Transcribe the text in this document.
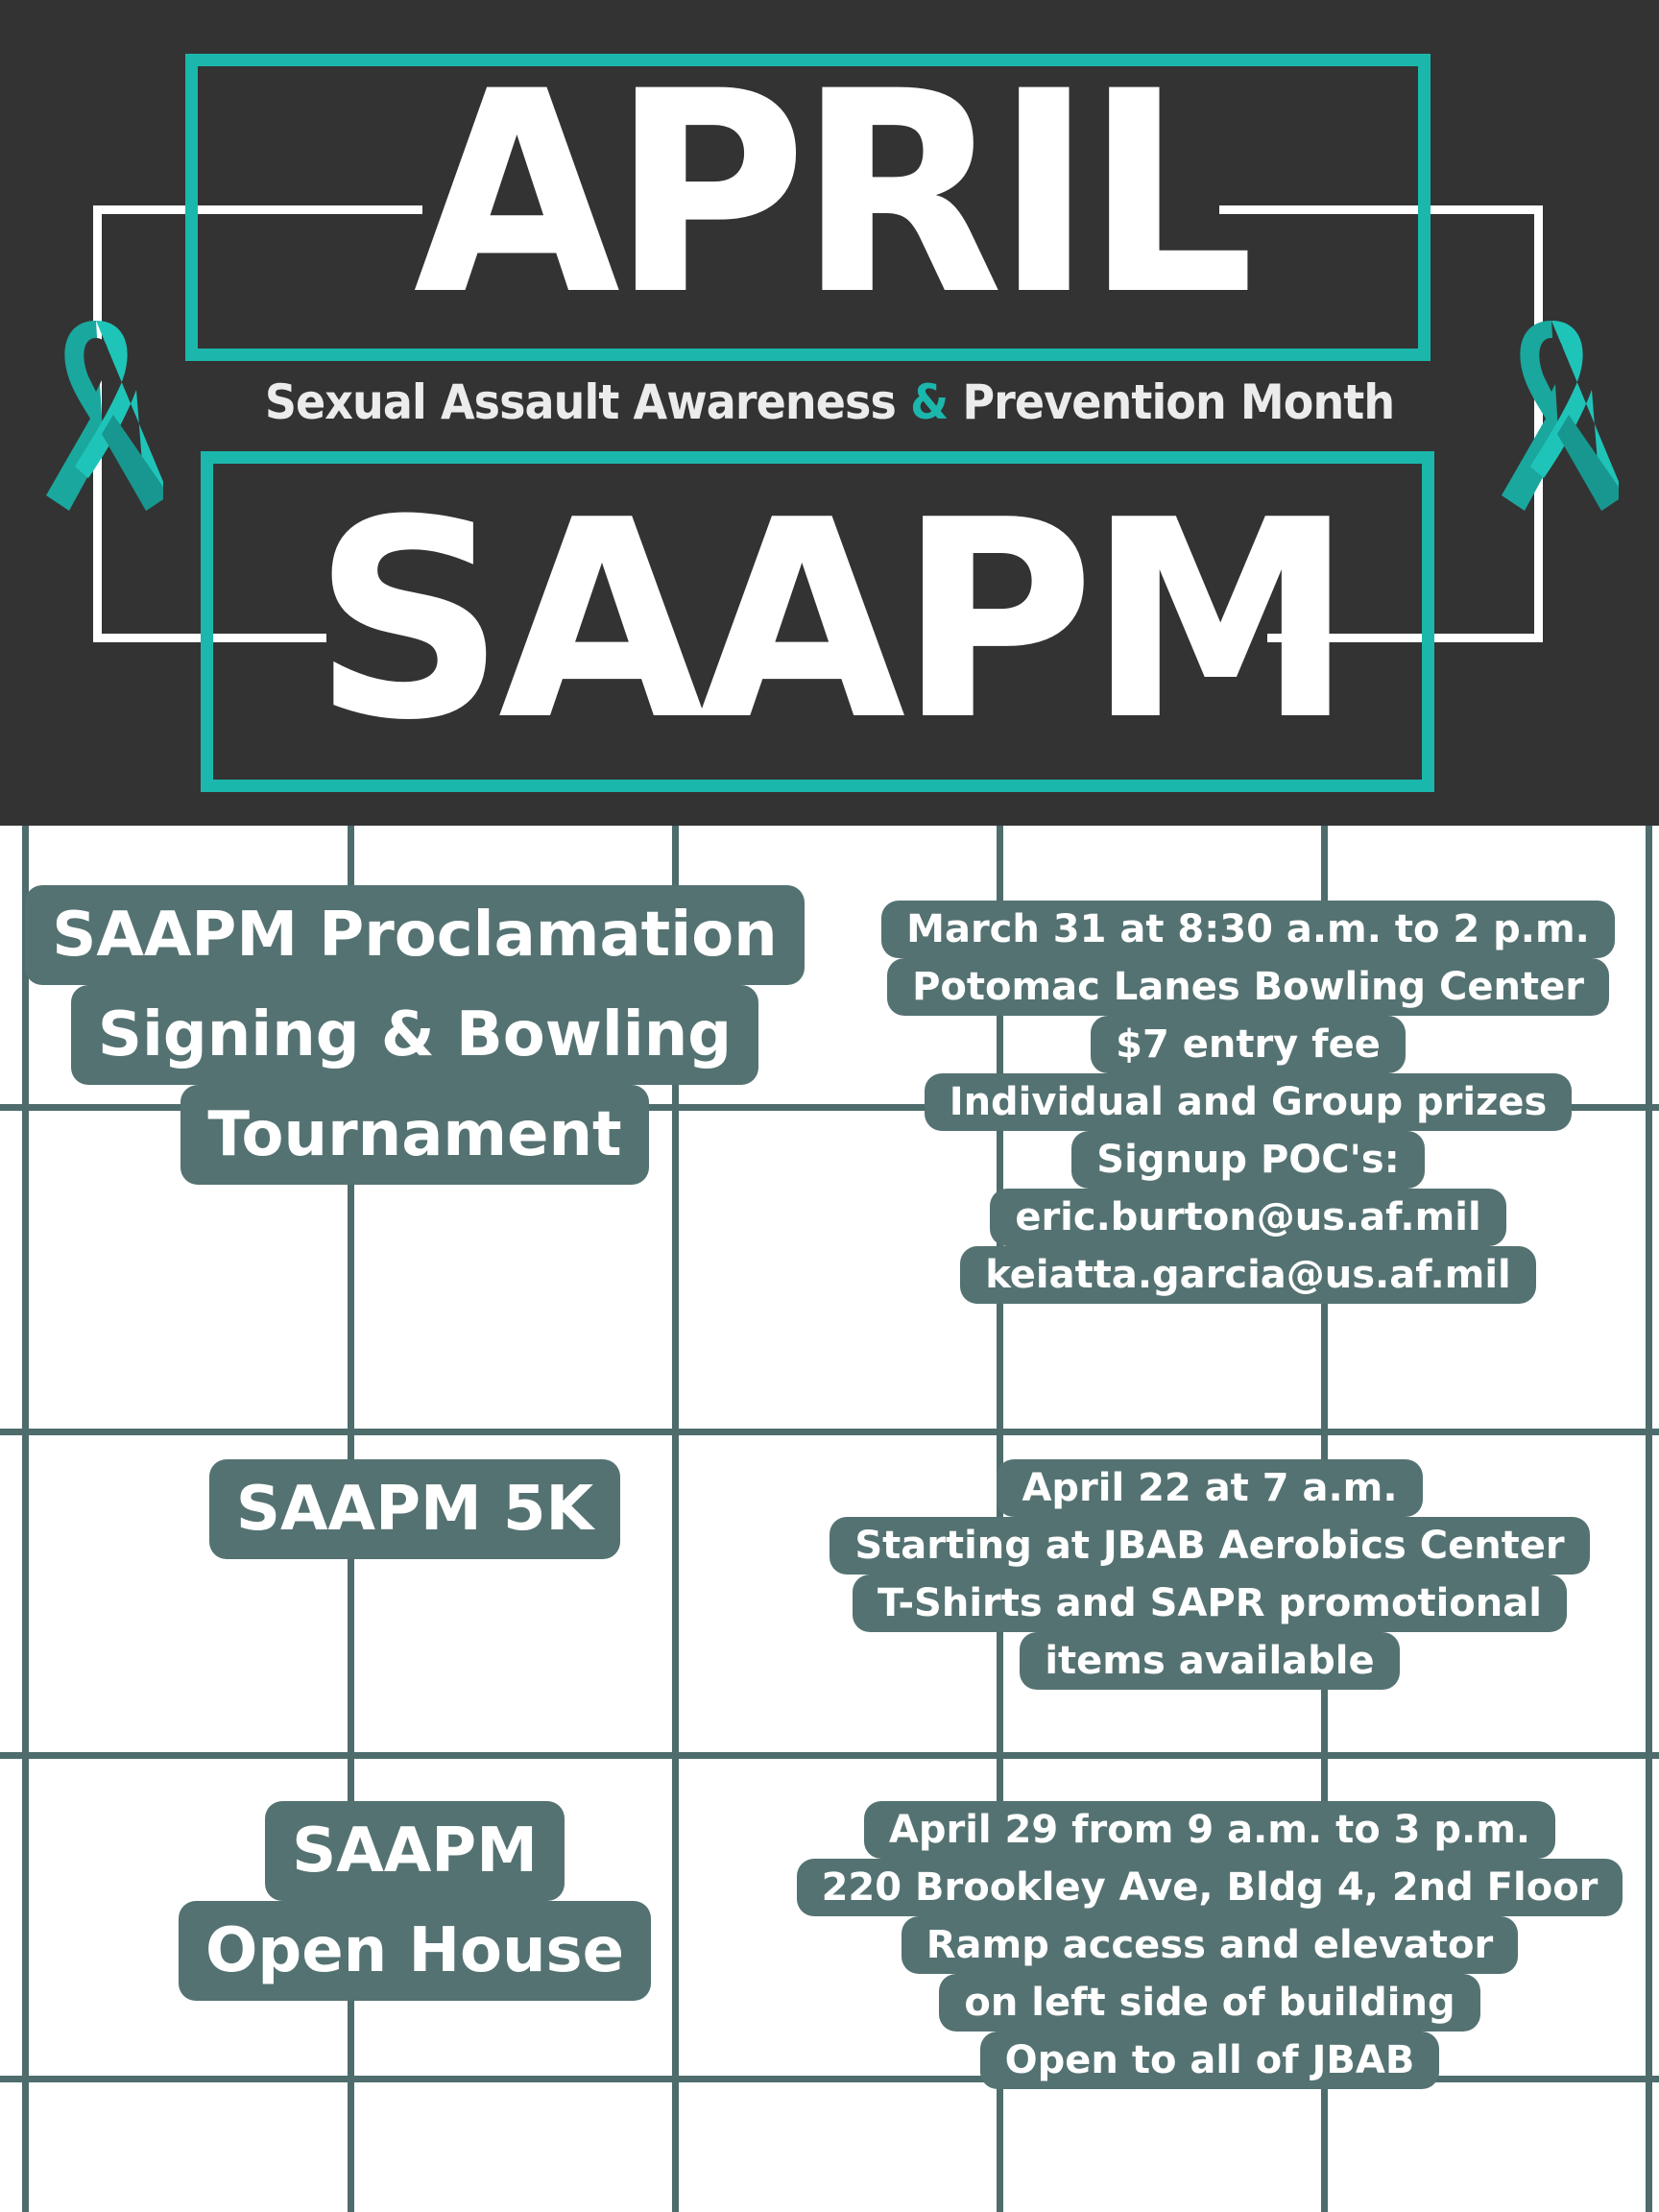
APRIL
Sexual Assault Awareness & Prevention Month
SAAPM
SAAPM Proclamation
Signing & Bowling
Tournament
March 31 at 8:30 a.m. to 2 p.m.
Potomac Lanes Bowling Center
$7 entry fee
Individual and Group prizes
Signup POC's:
eric.burton@us.af.mil
keiatta.garcia@us.af.mil
SAAPM 5K	April 22 at 7 a.m.
Starting at JBAB Aerobics Center
T-Shirts and SAPR promotional
items available
SAAPM
Open House
April 29 from 9 a.m. to 3 p.m.
220 Brookley Ave, Bldg 4, 2nd Floor
Ramp access and elevator
on left side of building
Open to all of JBAB
